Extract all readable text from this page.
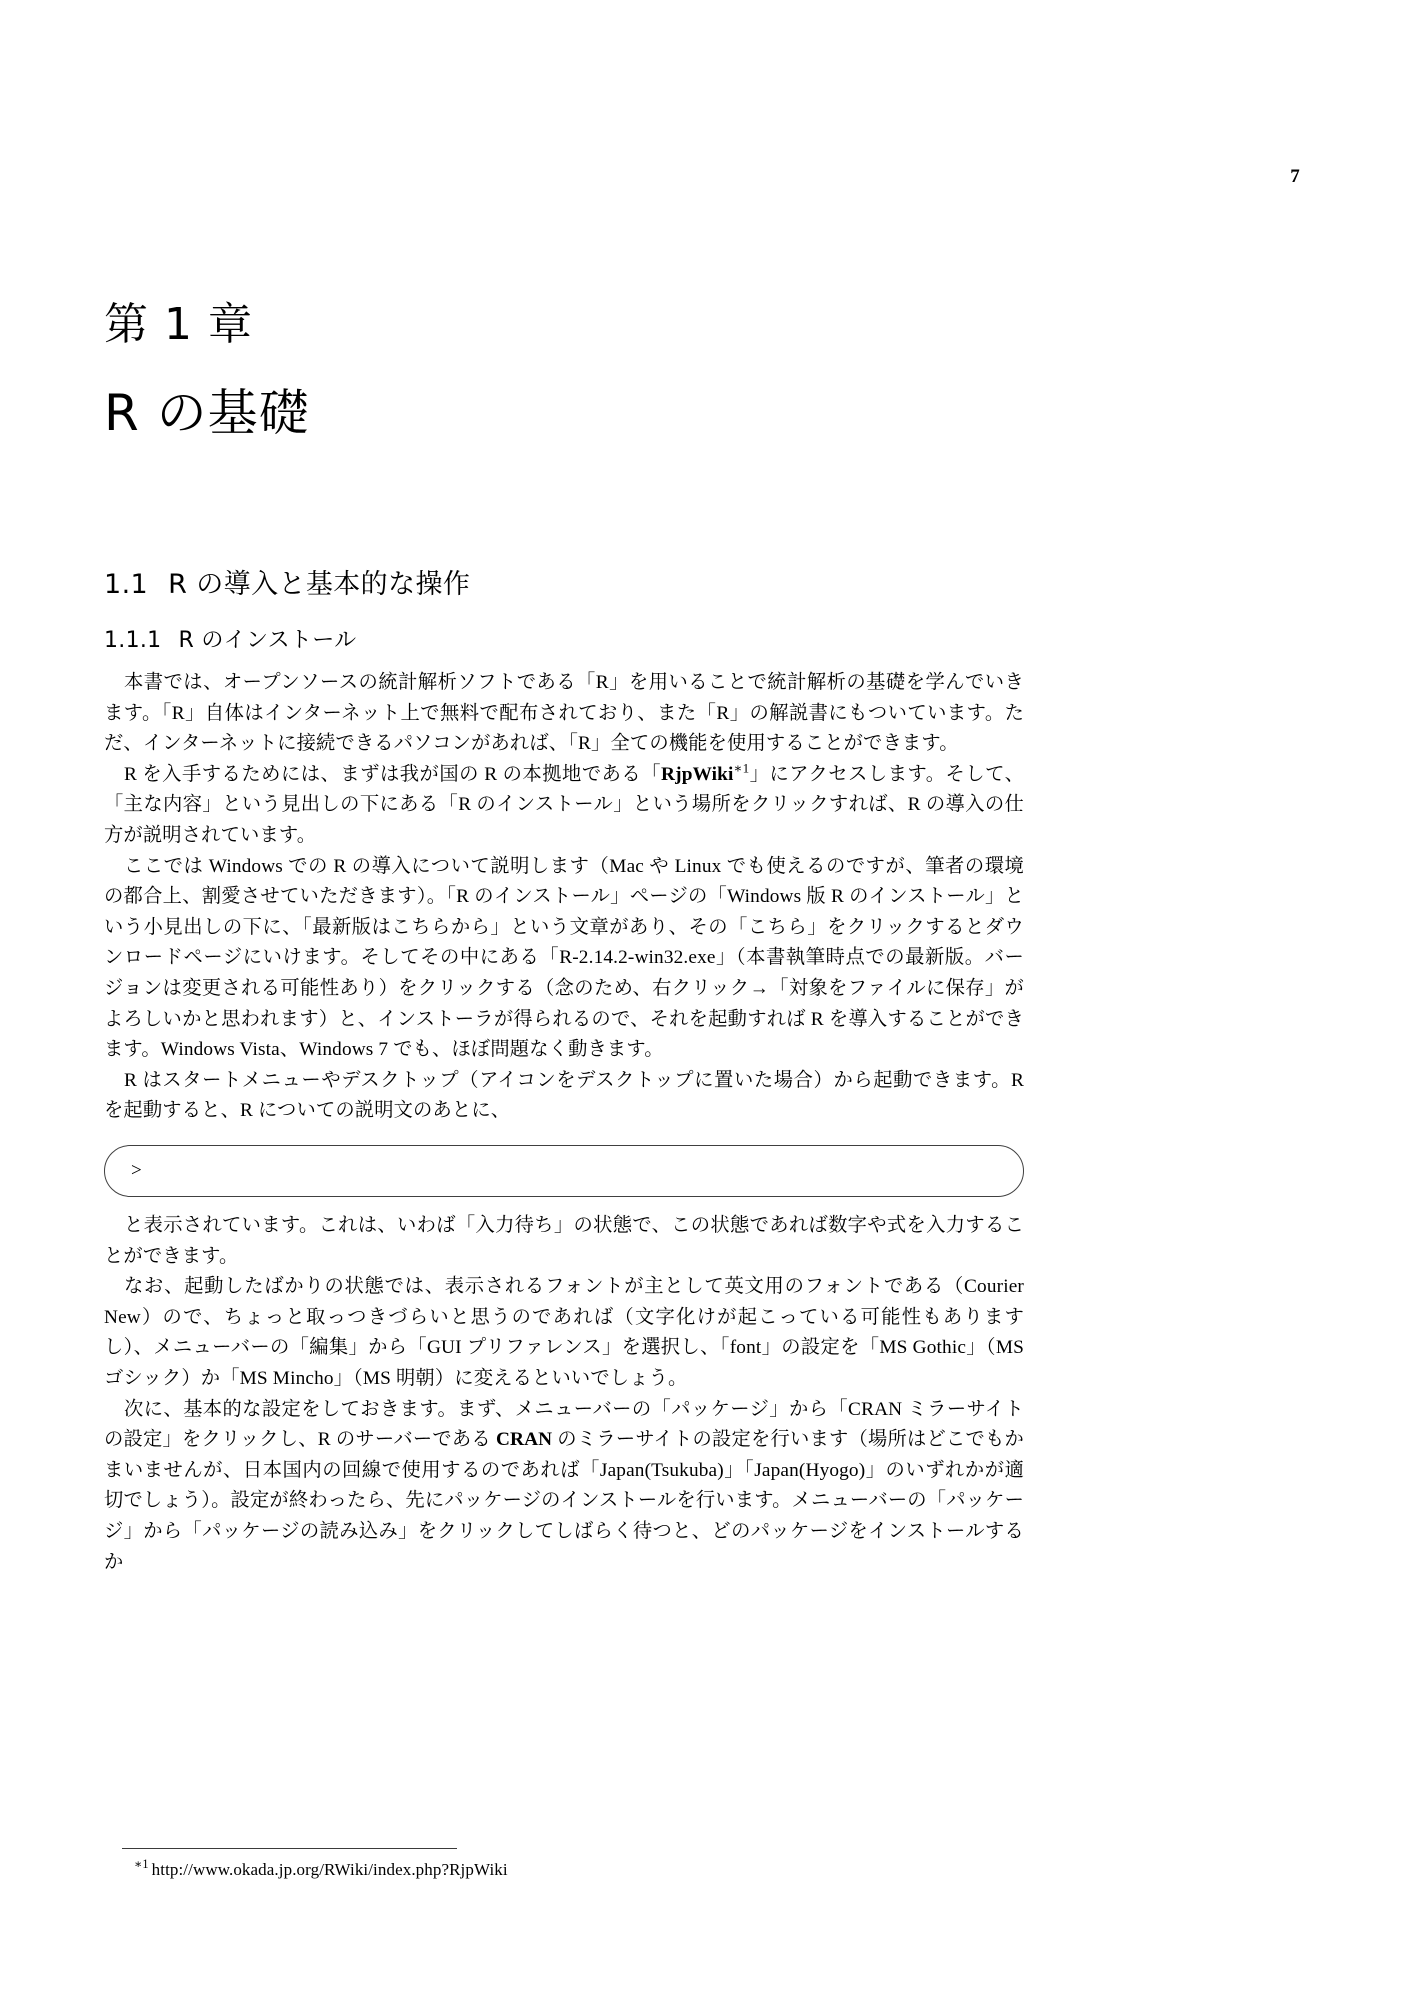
7
第 1 章
R の基礎
1.1 R の導入と基本的な操作
1.1.1 R のインストール

本書では、オープンソースの統計解析ソフトである「R」を用いることで統計解析の基礎を学んでいきます。「R」自体はインターネット上で無料で配布されており、また「R」の解説書にもついています。ただ、インターネットに接続できるパソコンがあれば、「R」全ての機能を使用することができます。

R を入手するためには、まずは我が国の R の本拠地である「RjpWiki$^{∗1}$」にアクセスします。そして、「主な内容」という見出しの下にある「R のインストール」という場所をクリックすれば、R の導入の仕方が説明されています。

ここでは Windows での R の導入について説明します（Mac や Linux でも使えるのですが、筆者の環境の都合上、割愛させていただきます）。「R のインストール」ページの「Windows 版 R のインストール」という小見出しの下に、「最新版はこちらから」という文章があり、その「こちら」をクリックするとダウンロードページにいけます。そしてその中にある「R-2.14.2-win32.exe」（本書執筆時点での最新版。バージョンは変更される可能性あり）をクリックする（念のため、右クリック→「対象をファイルに保存」がよろしいかと思われます）と、インストーラが得られるので、それを起動すれば R を導入することができます。Windows Vista、Windows 7 でも、ほぼ問題なく動きます。

R はスタートメニューやデスクトップ（アイコンをデスクトップに置いた場合）から起動できます。R を起動すると、R についての説明文のあとに、

>

と表示されています。これは、いわば「入力待ち」の状態で、この状態であれば数字や式を入力することができます。

なお、起動したばかりの状態では、表示されるフォントが主として英文用のフォントである（Courier New）ので、ちょっと取っつきづらいと思うのであれば（文字化けが起こっている可能性もありますし）、メニューバーの「編集」から「GUI プリファレンス」を選択し、「font」の設定を「MS Gothic」（MS ゴシック）か「MS Mincho」（MS 明朝）に変えるといいでしょう。

次に、基本的な設定をしておきます。まず、メニューバーの「パッケージ」から「CRAN ミラーサイトの設定」をクリックし、R のサーバーである CRAN のミラーサイトの設定を行います（場所はどこでもかまいませんが、日本国内の回線で使用するのであれば「Japan(Tsukuba)」「Japan(Hyogo)」のいずれかが適切でしょう）。設定が終わったら、先にパッケージのインストールを行います。メニューバーの「パッケージ」から「パッケージの読み込み」をクリックしてしばらく待つと、どのパッケージをインストールするか

$^{∗1}$ http://www.okada.jp.org/RWiki/index.php?RjpWiki
